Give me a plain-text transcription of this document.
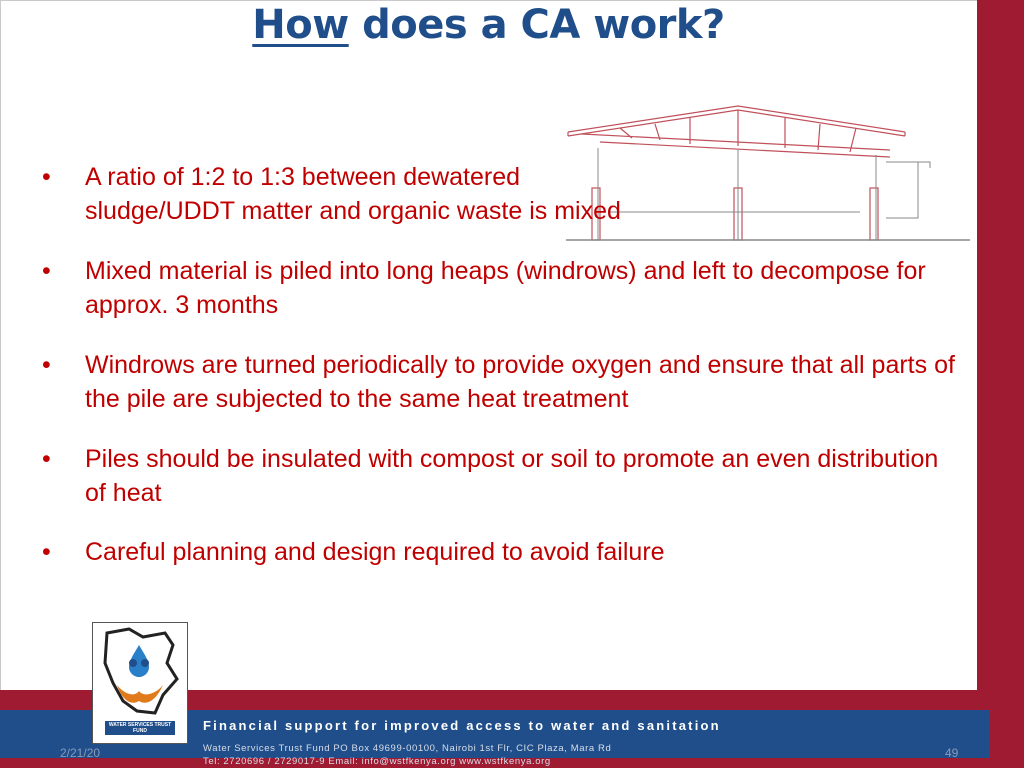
How does a CA work?
•	A ratio of 1:2 to 1:3 between dewatered sludge/UDDT matter and organic waste is mixed
•	Mixed material is piled into long heaps (windrows) and left to decompose for approx. 3 months
•	Windrows are turned periodically to provide oxygen and ensure that all parts of the pile are subjected to the same heat treatment
•	Piles should be insulated with compost or soil to promote an even distribution of heat
•	Careful planning and design required to avoid failure
Financial support for improved access to water and sanitation
Water Services Trust Fund PO Box 49699-00100, Nairobi 1st Flr, CIC Plaza, Mara Rd
Tel: 2720696 / 2729017-9 Email: info@wstfkenya.org www.wstfkenya.org
2/21/20	49
WATER SERVICES TRUST FUND
